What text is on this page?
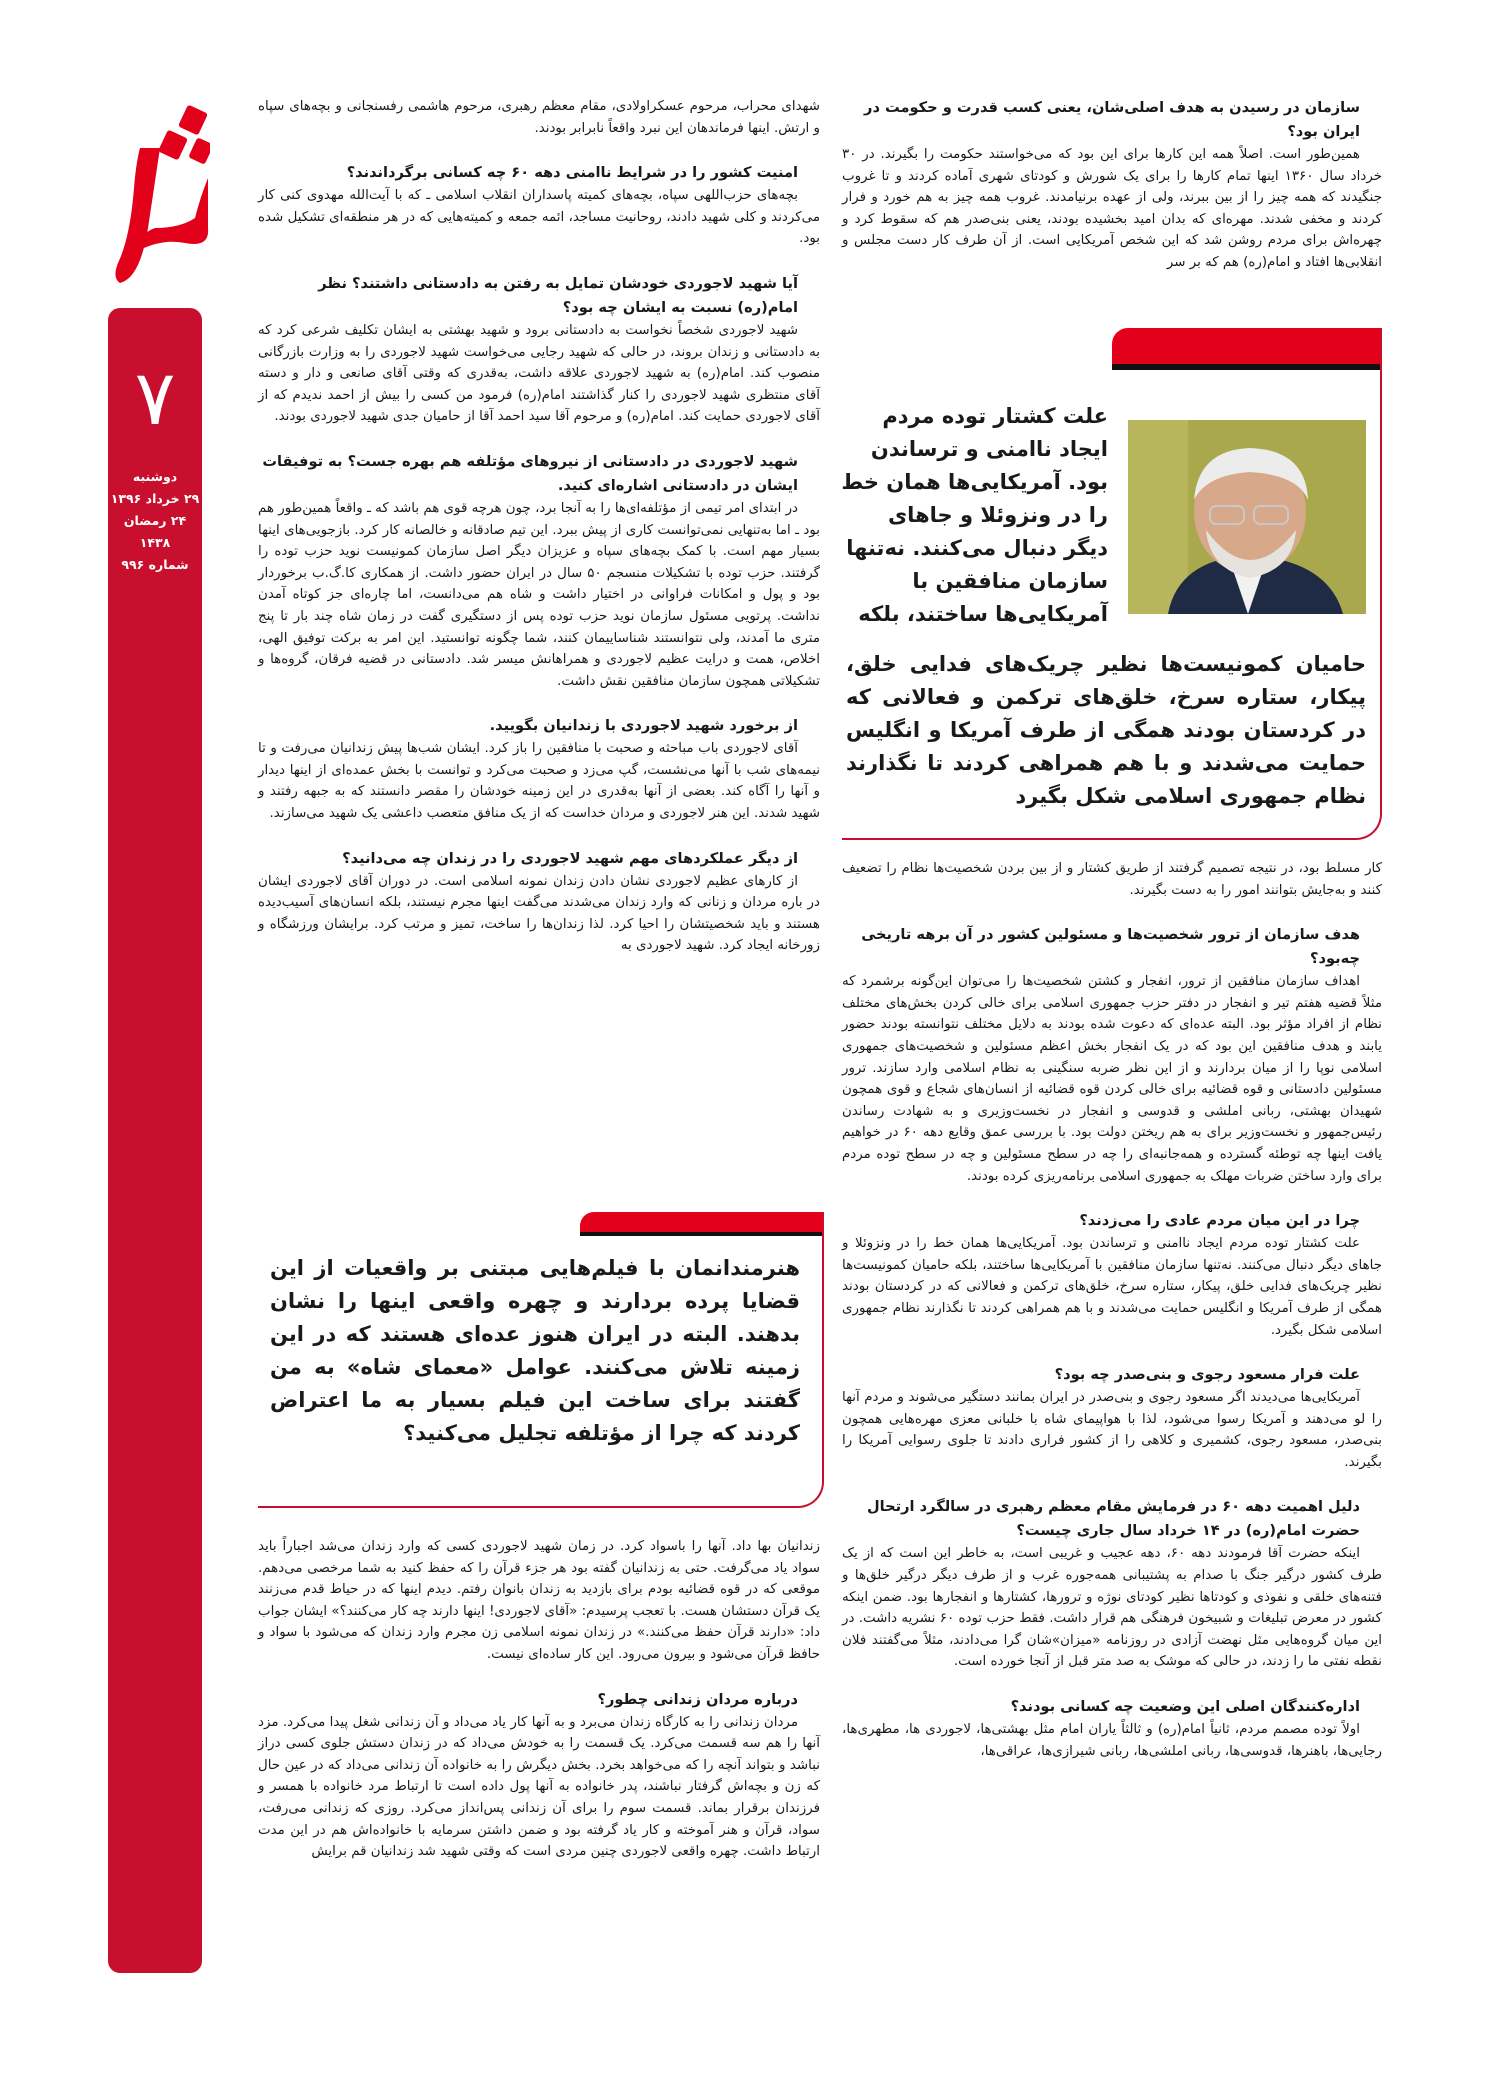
۷
دوشنبه
۲۹ خرداد ۱۳۹۶
۲۴ رمضان ۱۴۳۸
شماره ۹۹۶
سازمان در رسیدن به هدف اصلی‌شان، یعنی کسب قدرت و حکومت در ایران بود؟
همین‌طور است. اصلاً همه این کارها برای این بود که می‌خواستند حکومت را بگیرند. در ۳۰ خرداد سال ۱۳۶۰ اینها تمام کارها را برای یک شورش و کودتای شهری آماده کردند و تا غروب جنگیدند که همه چیز را از بین ببرند، ولی از عهده برنیامدند. غروب همه چیز به هم خورد و فرار کردند و مخفی شدند. مهره‌ای که بدان امید بخشیده بودند، یعنی بنی‌صدر هم که سقوط کرد و چهره‌اش برای مردم روشن شد که این شخص آمریکایی است. از آن طرف کار دست مجلس و انقلابی‌ها افتاد و امام(ره) هم که بر سر
علت کشتار توده مردم ایجاد ناامنی و ترساندن بود. آمریکایی‌ها همان خط را در ونزوئلا و جاهای دیگر دنبال می‌کنند. نه‌تنها سازمان منافقین با آمریکایی‌ها ساختند، بلکه
حامیان کمونیست‌ها نظیر چریک‌های فدایی خلق، پیکار، ستاره سرخ، خلق‌های ترکمن و فعالانی که در کردستان بودند همگی از طرف آمریکا و انگلیس حمایت می‌شدند و با هم همراهی کردند تا نگذارند نظام جمهوری اسلامی شکل بگیرد
کار مسلط بود، در نتیجه تصمیم گرفتند از طریق کشتار و از بین بردن شخصیت‌ها نظام را تضعیف کنند و به‌جایش بتوانند امور را به دست بگیرند.
هدف سازمان از ترور شخصیت‌ها و مسئولین کشور در آن برهه تاریخی چه‌بود؟
اهداف سازمان منافقین از ترور، انفجار و کشتن شخصیت‌ها را می‌توان این‌گونه برشمرد که مثلاً قضیه هفتم تیر و انفجار در دفتر حزب جمهوری اسلامی برای خالی کردن بخش‌های مختلف نظام از افراد مؤثر بود. البته عده‌ای که دعوت شده بودند به دلایل مختلف نتوانسته بودند حضور یابند و هدف منافقین این بود که در یک انفجار بخش اعظم مسئولین و شخصیت‌های جمهوری اسلامی نوپا را از میان بردارند و از این نظر ضربه سنگینی به نظام اسلامی وارد سازند. ترور مسئولین دادستانی و قوه قضائیه برای خالی کردن قوه قضائیه از انسان‌های شجاع و قوی همچون شهیدان بهشتی، ربانی املشی و قدوسی و انفجار در نخست‌وزیری و به شهادت رساندن رئیس‌جمهور و نخست‌وزیر برای به هم ریختن دولت بود. با بررسی عمق وقایع دهه ۶۰ در خواهیم یافت اینها چه توطئه گسترده و همه‌جانبه‌ای را چه در سطح مسئولین و چه در سطح توده مردم برای وارد ساختن ضربات مهلک به جمهوری اسلامی برنامه‌ریزی کرده بودند.
چرا در این میان مردم عادی را می‌زدند؟
علت کشتار توده مردم ایجاد ناامنی و ترساندن بود. آمریکایی‌ها همان خط را در ونزوئلا و جاهای دیگر دنبال می‌کنند. نه‌تنها سازمان منافقین با آمریکایی‌ها ساختند، بلکه حامیان کمونیست‌ها نظیر چریک‌های فدایی خلق، پیکار، ستاره سرخ، خلق‌های ترکمن و فعالانی که در کردستان بودند همگی از طرف آمریکا و انگلیس حمایت می‌شدند و با هم همراهی کردند تا نگذارند نظام جمهوری اسلامی شکل بگیرد.
علت فرار مسعود رجوی و بنی‌صدر چه بود؟
آمریکایی‌ها می‌دیدند اگر مسعود رجوی و بنی‌صدر در ایران بمانند دستگیر می‌شوند و مردم آنها را لو می‌دهند و آمریکا رسوا می‌شود، لذا با هواپیمای شاه با خلبانی معزی مهره‌هایی همچون بنی‌صدر، مسعود رجوی، کشمیری و کلاهی را از کشور فراری دادند تا جلوی رسوایی آمریکا را بگیرند.
دلیل اهمیت دهه ۶۰ در فرمایش مقام معظم رهبری در سالگرد ارتحال حضرت امام(ره) در ۱۴ خرداد سال جاری چیست؟
اینکه حضرت آقا فرمودند دهه ۶۰، دهه عجیب و غریبی است، به خاطر این است که از یک طرف کشور درگیر جنگ با صدام به پشتیبانی همه‌جوره غرب و از طرف دیگر درگیر خلق‌ها و فتنه‌های خلقی و نفوذی و کودتاها نظیر کودتای نوژه و ترورها، کشتارها و انفجارها بود. ضمن اینکه کشور در معرض تبلیغات و شبیخون فرهنگی هم قرار داشت. فقط حزب توده ۶۰ نشریه داشت. در این میان گروه‌هایی مثل نهضت آزادی در روزنامه «میزان»شان گرا می‌دادند، مثلاً می‌گفتند فلان نقطه نفتی ما را زدند، در حالی که موشک به صد متر قبل از آنجا خورده است.
اداره‌کنندگان اصلی این وضعیت چه کسانی بودند؟
اولاً توده مصمم مردم، ثانیاً امام(ره) و ثالثاً یاران امام مثل بهشتی‌ها، لاجوردی ها، مطهری‌ها، رجایی‌ها، باهنرها، قدوسی‌ها، ربانی املشی‌ها، ربانی شیرازی‌ها، عراقی‌ها،
شهدای محراب، مرحوم عسکراولادی، مقام معظم رهبری، مرحوم هاشمی رفسنجانی و بچه‌های سپاه و ارتش. اینها فرماندهان این نبرد واقعاً نابرابر بودند.
امنیت کشور را در شرایط ناامنی دهه ۶۰ چه کسانی برگرداندند؟
بچه‌های حزب‌اللهی سپاه، بچه‌های کمیته پاسداران انقلاب اسلامی ـ که با آیت‌الله مهدوی کنی کار می‌کردند و کلی شهید دادند، روحانیت مساجد، ائمه جمعه و کمیته‌هایی که در هر منطقه‌ای تشکیل شده بود.
آیا شهید لاجوردی خودشان تمایل به رفتن به دادستانی داشتند؟ نظر امام(ره) نسبت به ایشان چه بود؟
شهید لاجوردی شخصاً نخواست به دادستانی برود و شهید بهشتی به ایشان تکلیف شرعی کرد که به دادستانی و زندان بروند، در حالی که شهید رجایی می‌خواست شهید لاجوردی را به وزارت بازرگانی منصوب کند. امام(ره) به شهید لاجوردی علاقه داشت، به‌قدری که وقتی آقای صانعی و دار و دسته آقای منتظری شهید لاجوردی را کنار گذاشتند امام(ره) فرمود من کسی را بیش از احمد ندیدم که از آقای لاجوردی حمایت کند. امام(ره) و مرحوم آقا سید احمد آقا از حامیان جدی شهید لاجوردی بودند.
شهید لاجوردی در دادستانی از نیروهای مؤتلفه هم بهره جست؟ به توفیقات ایشان در دادستانی اشاره‌ای کنید.
در ابتدای امر تیمی از مؤتلفه‌ای‌ها را به آنجا برد، چون هرچه قوی هم باشد که ـ واقعاً همین‌طور هم بود ـ اما به‌تنهایی نمی‌توانست کاری از پیش ببرد. این تیم صادقانه و خالصانه کار کرد. بازجویی‌های اینها بسیار مهم است. با کمک بچه‌های سپاه و عزیزان دیگر اصل سازمان کمونیست نوید حزب توده را گرفتند. حزب توده با تشکیلات منسجم ۵۰ سال در ایران حضور داشت. از همکاری کا.گ.ب برخوردار بود و پول و امکانات فراوانی در اختیار داشت و شاه هم می‌دانست، اما چاره‌ای جز کوتاه آمدن نداشت. پرتویی مسئول سازمان نوید حزب توده پس از دستگیری گفت در زمان شاه چند بار تا پنج متری ما آمدند، ولی نتوانستند شناساییمان کنند، شما چگونه توانستید. این امر به برکت توفیق الهی، اخلاص، همت و درایت عظیم لاجوردی و همراهانش میسر شد. دادستانی در قضیه فرقان، گروه‌ها و تشکیلاتی همچون سازمان منافقین نقش داشت.
از برخورد شهید لاجوردی با زندانیان بگویید.
آقای لاجوردی باب مباحثه و صحبت با منافقین را باز کرد. ایشان شب‌ها پیش زندانیان می‌رفت و تا نیمه‌های شب با آنها می‌نشست، گپ می‌زد و صحبت می‌کرد و توانست با بخش عمده‌ای از اینها دیدار و آنها را آگاه کند. بعضی از آنها به‌قدری در این زمینه خودشان را مقصر دانستند که به جبهه رفتند و شهید شدند. این هنر لاجوردی و مردان خداست که از یک منافق متعصب داعشی یک شهید می‌سازند.
از دیگر عملکردهای مهم شهید لاجوردی را در زندان چه می‌دانید؟
از کارهای عظیم لاجوردی نشان دادن زندان نمونه اسلامی است. در دوران آقای لاجوردی ایشان در باره مردان و زنانی که وارد زندان می‌شدند می‌گفت اینها مجرم نیستند، بلکه انسان‌های آسیب‌دیده هستند و باید شخصیتشان را احیا کرد. لذا زندان‌ها را ساخت، تمیز و مرتب کرد. برایشان ورزشگاه و زورخانه ایجاد کرد. شهید لاجوردی به
هنرمندانمان با فیلم‌هایی مبتنی بر واقعیات از این قضایا پرده بردارند و چهره واقعی اینها را نشان بدهند. البته در ایران هنوز عده‌ای هستند که در این زمینه تلاش می‌کنند. عوامل «معمای شاه» به من گفتند برای ساخت این فیلم بسیار به ما اعتراض کردند که چرا از مؤتلفه تجلیل می‌کنید؟
زندانیان بها داد. آنها را باسواد کرد. در زمان شهید لاجوردی کسی که وارد زندان می‌شد اجباراً باید سواد یاد می‌گرفت. حتی به زندانیان گفته بود هر جزء قرآن را که حفظ کنید به شما مرخصی می‌دهم. موقعی که در قوه قضائیه بودم برای بازدید به زندان بانوان رفتم. دیدم اینها که در حیاط قدم می‌زنند یک قرآن دستشان هست. با تعجب پرسیدم: «آقای لاجوردی! اینها دارند چه کار می‌کنند؟» ایشان جواب داد: «دارند قرآن حفظ می‌کنند.» در زندان نمونه اسلامی زن مجرم وارد زندان که می‌شود با سواد و حافظ قرآن می‌شود و بیرون می‌رود. این کار ساده‌ای نیست.
درباره مردان زندانی چطور؟
مردان زندانی را به کارگاه زندان می‌برد و به آنها کار یاد می‌داد و آن زندانی شغل پیدا می‌کرد. مزد آنها را هم سه قسمت می‌کرد. یک قسمت را به خودش می‌داد که در زندان دستش جلوی کسی دراز نباشد و بتواند آنچه را که می‌خواهد بخرد. بخش دیگرش را به خانواده آن زندانی می‌داد که در عین حال که زن و بچه‌اش گرفتار نباشند، پدر خانواده به آنها پول داده است تا ارتباط مرد خانواده با همسر و فرزندان برقرار بماند. قسمت سوم را برای آن زندانی پس‌انداز می‌کرد. روزی که زندانی می‌رفت، سواد، قرآن و هنر آموخته و کار یاد گرفته بود و ضمن داشتن سرمایه با خانواده‌اش هم در این مدت ارتباط داشت. چهره واقعی لاجوردی چنین مردی است که وقتی شهید شد زندانیان قم برایش
